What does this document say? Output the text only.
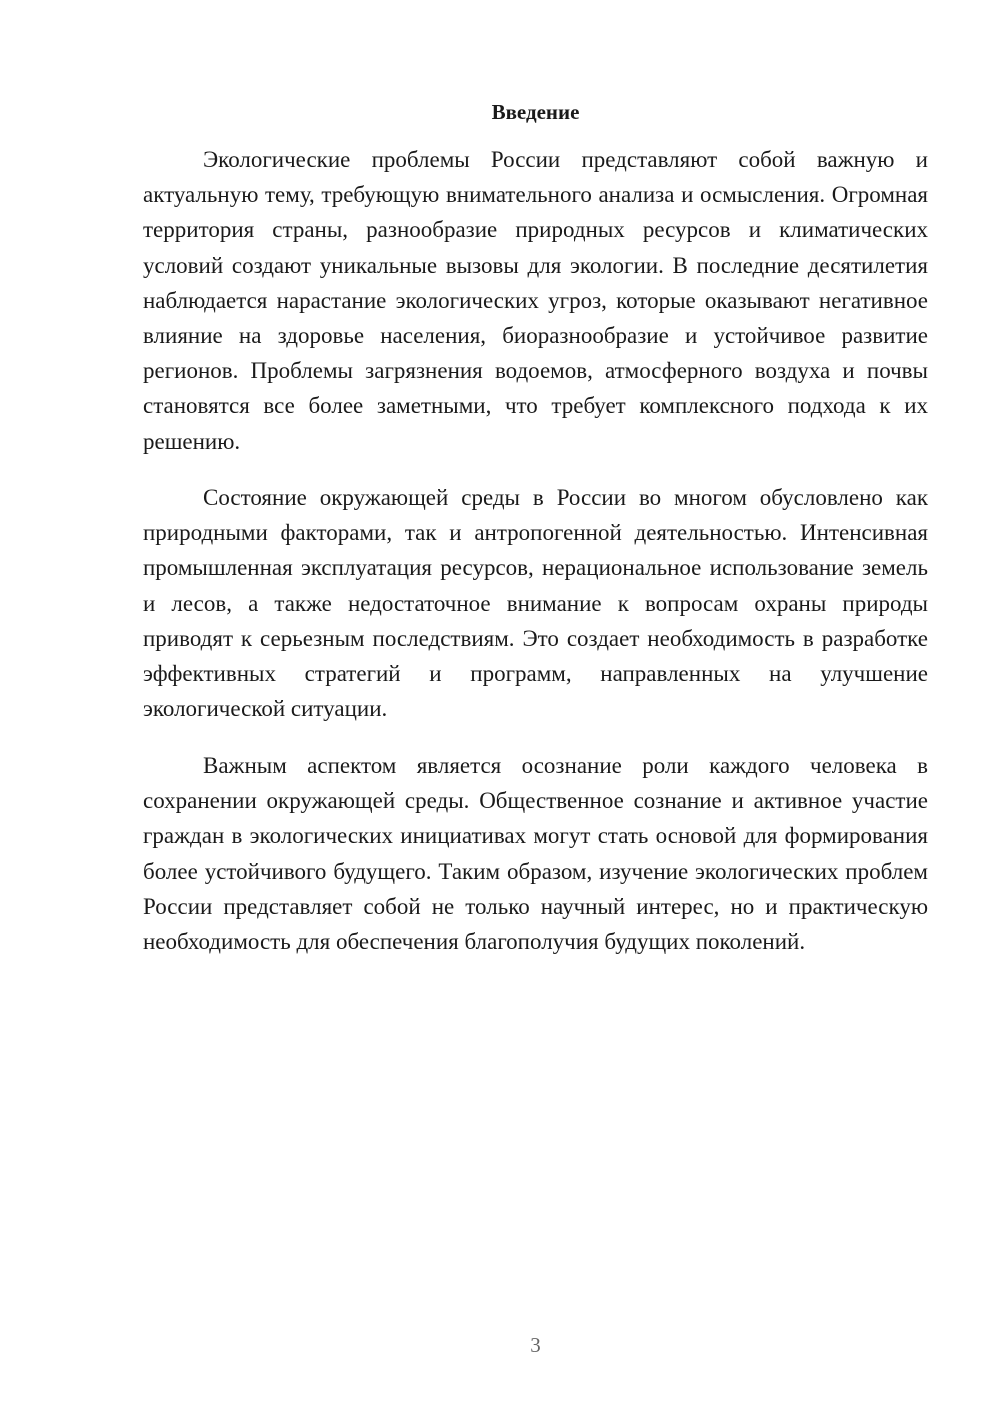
Введение

Экологические проблемы России представляют собой важную и актуальную тему, требующую внимательного анализа и осмысления. Огромная территория страны, разнообразие природных ресурсов и климатических условий создают уникальные вызовы для экологии. В последние десятилетия наблюдается нарастание экологических угроз, которые оказывают негативное влияние на здоровье населения, биоразнообразие и устойчивое развитие регионов. Проблемы загрязнения водоемов, атмосферного воздуха и почвы становятся все более заметными, что требует комплексного подхода к их решению.

Состояние окружающей среды в России во многом обусловлено как природными факторами, так и антропогенной деятельностью. Интенсивная промышленная эксплуатация ресурсов, нерациональное использование земель и лесов, а также недостаточное внимание к вопросам охраны природы приводят к серьезным последствиям. Это создает необходимость в разработке эффективных стратегий и программ, направленных на улучшение экологической ситуации.

Важным аспектом является осознание роли каждого человека в сохранении окружающей среды. Общественное сознание и активное участие граждан в экологических инициативах могут стать основой для формирования более устойчивого будущего. Таким образом, изучение экологических проблем России представляет собой не только научный интерес, но и практическую необходимость для обеспечения благополучия будущих поколений.

3
